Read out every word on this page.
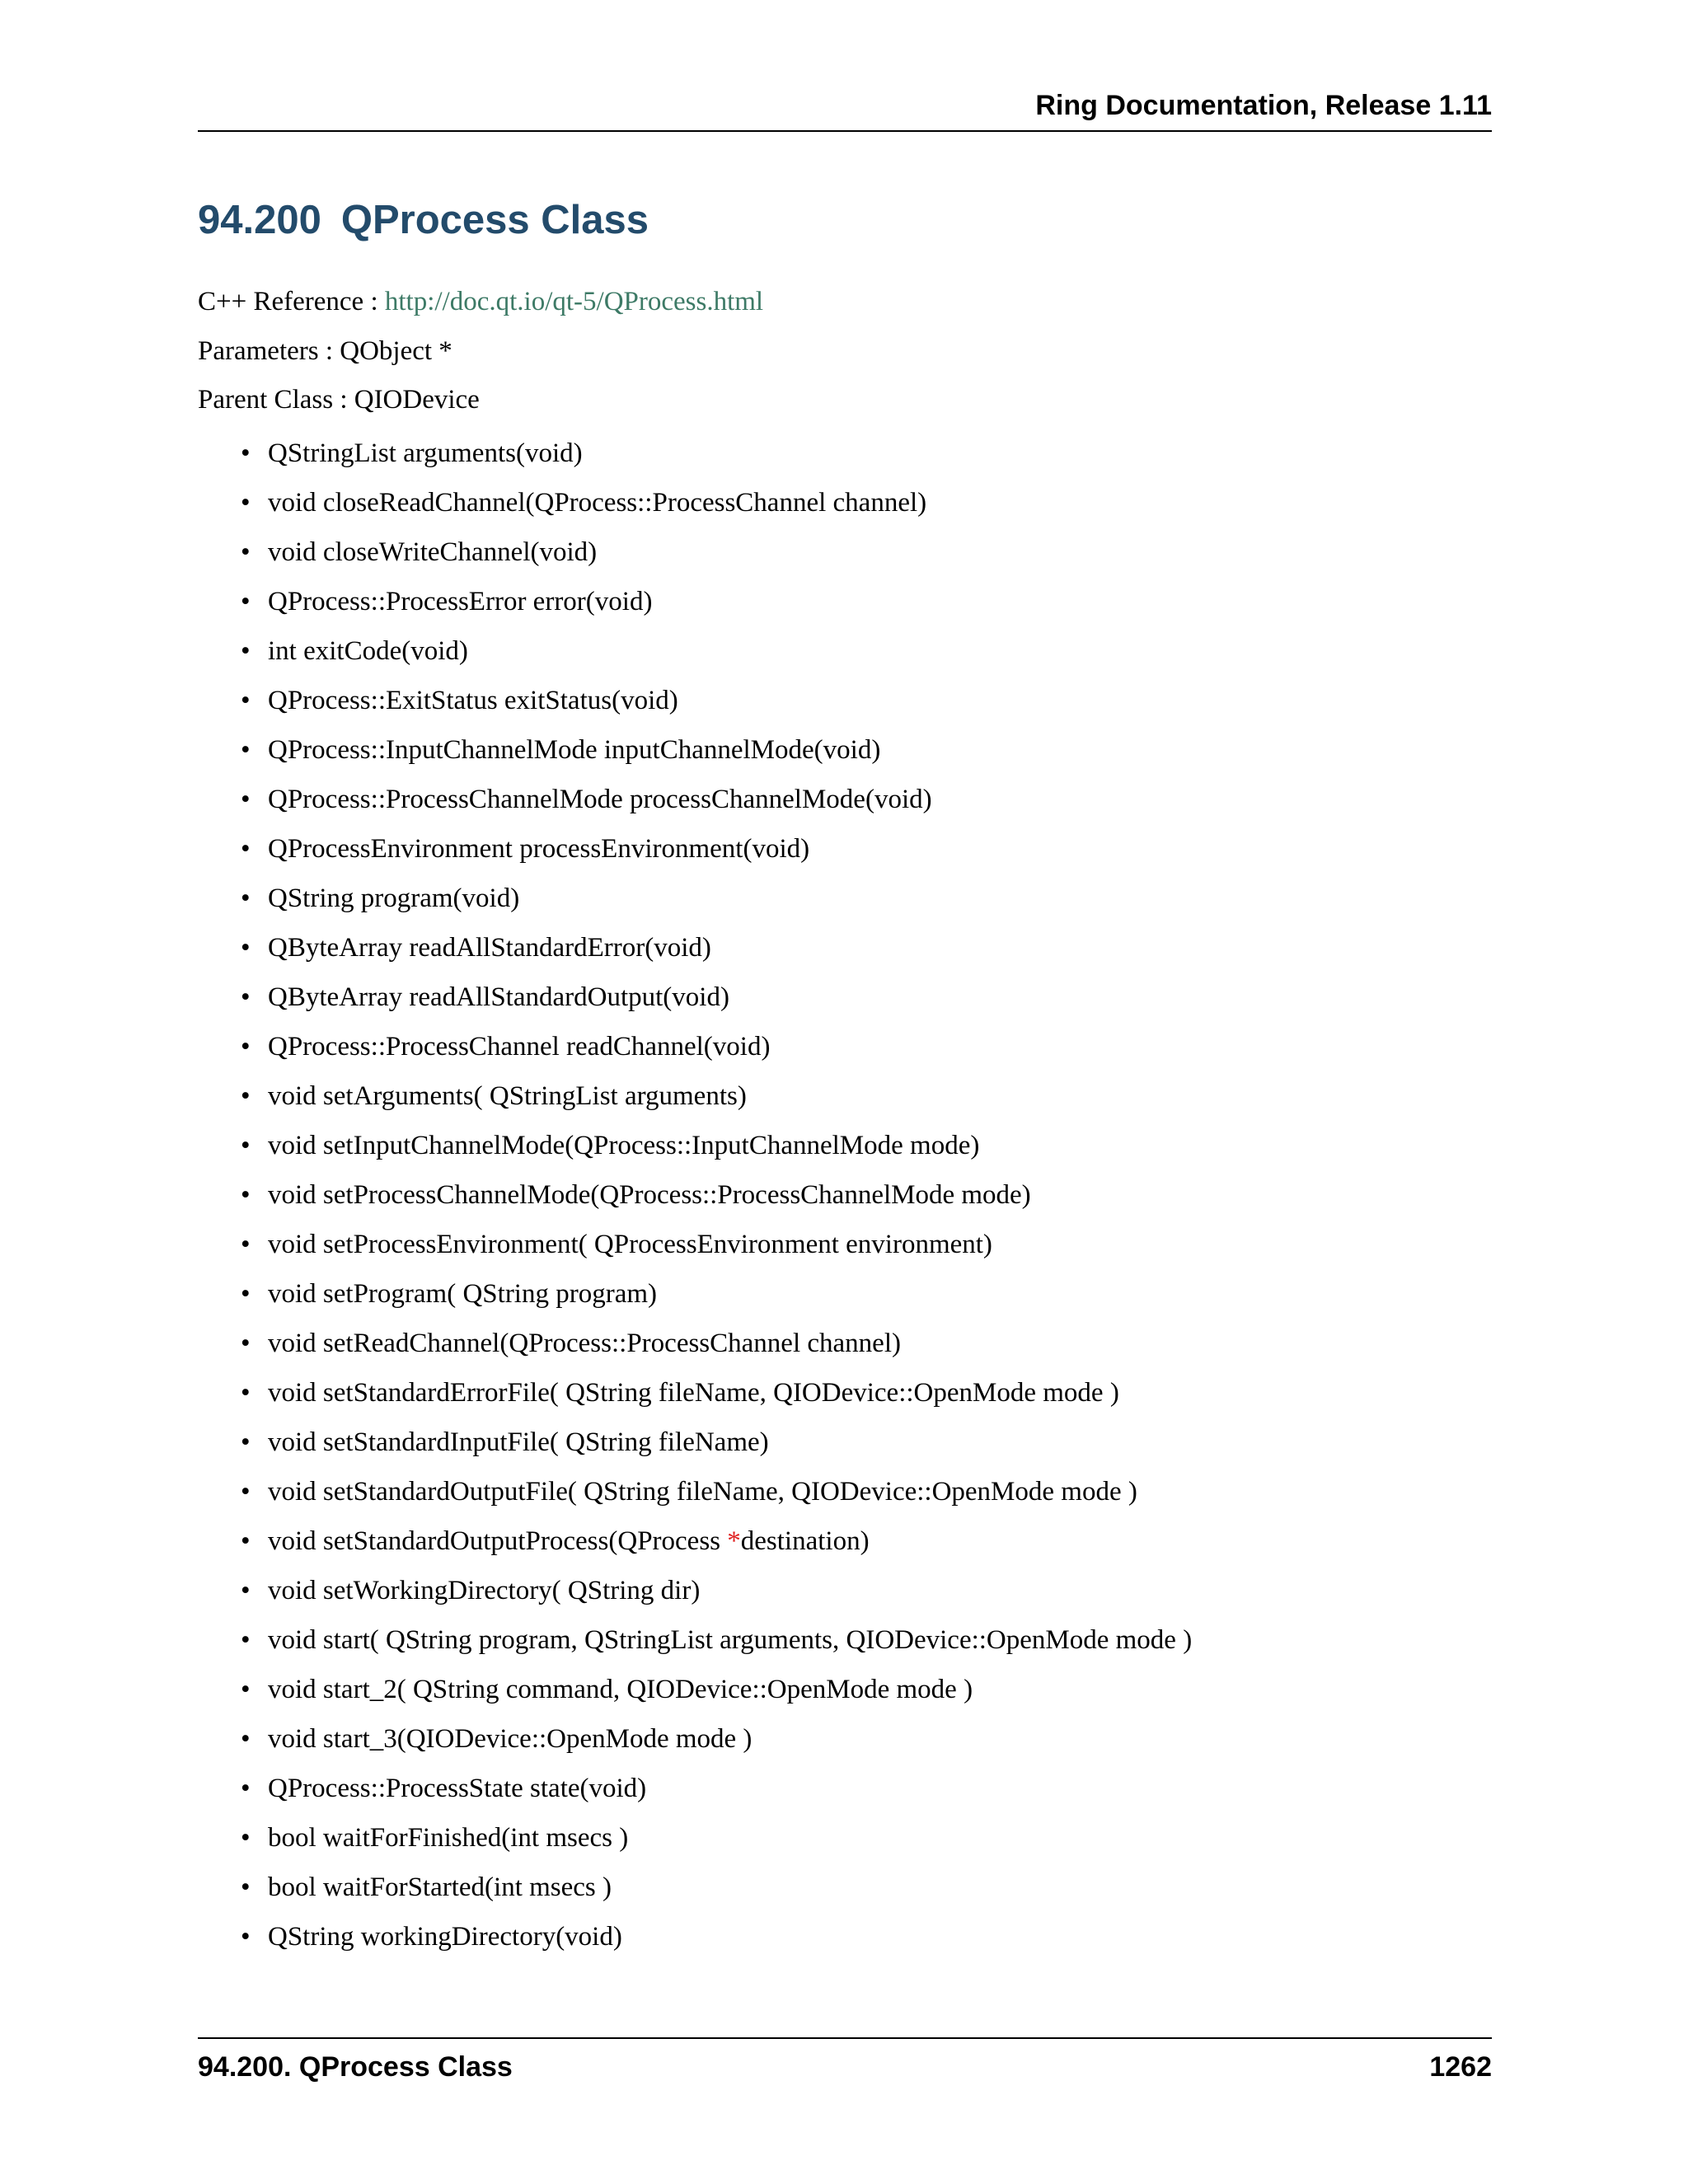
Ring Documentation, Release 1.11
94.200 QProcess Class
C++ Reference : http://doc.qt.io/qt-5/QProcess.html
Parameters : QObject *
Parent Class : QIODevice
• QStringList arguments(void)
• void closeReadChannel(QProcess::ProcessChannel channel)
• void closeWriteChannel(void)
• QProcess::ProcessError error(void)
• int exitCode(void)
• QProcess::ExitStatus exitStatus(void)
• QProcess::InputChannelMode inputChannelMode(void)
• QProcess::ProcessChannelMode processChannelMode(void)
• QProcessEnvironment processEnvironment(void)
• QString program(void)
• QByteArray readAllStandardError(void)
• QByteArray readAllStandardOutput(void)
• QProcess::ProcessChannel readChannel(void)
• void setArguments( QStringList arguments)
• void setInputChannelMode(QProcess::InputChannelMode mode)
• void setProcessChannelMode(QProcess::ProcessChannelMode mode)
• void setProcessEnvironment( QProcessEnvironment environment)
• void setProgram( QString program)
• void setReadChannel(QProcess::ProcessChannel channel)
• void setStandardErrorFile( QString fileName, QIODevice::OpenMode mode )
• void setStandardInputFile( QString fileName)
• void setStandardOutputFile( QString fileName, QIODevice::OpenMode mode )
• void setStandardOutputProcess(QProcess *destination)
• void setWorkingDirectory( QString dir)
• void start( QString program, QStringList arguments, QIODevice::OpenMode mode )
• void start_2( QString command, QIODevice::OpenMode mode )
• void start_3(QIODevice::OpenMode mode )
• QProcess::ProcessState state(void)
• bool waitForFinished(int msecs )
• bool waitForStarted(int msecs )
• QString workingDirectory(void)
94.200. QProcess Class	1262
